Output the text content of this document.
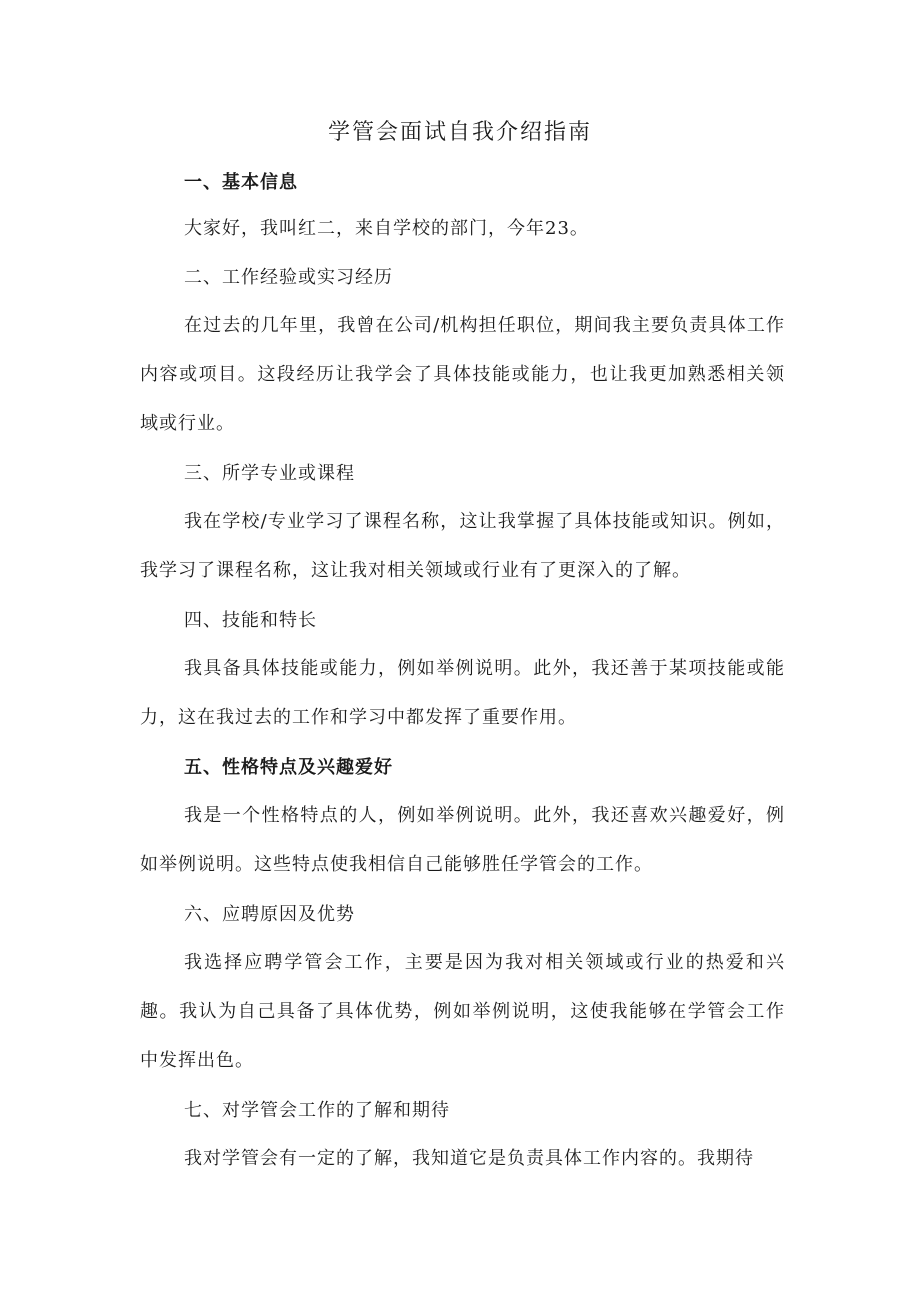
学管会面试自我介绍指南
一、基本信息
大家好，我叫红二，来自学校的部门，今年23。
二、工作经验或实习经历

在过去的几年里，我曾在公司/机构担任职位，期间我主要负责具体工作内容或项目。这段经历让我学会了具体技能或能力，也让我更加熟悉相关领域或行业。

三、所学专业或课程

我在学校/专业学习了课程名称，这让我掌握了具体技能或知识。例如，我学习了课程名称，这让我对相关领域或行业有了更深入的了解。

四、技能和特长

我具备具体技能或能力，例如举例说明。此外，我还善于某项技能或能力，这在我过去的工作和学习中都发挥了重要作用。

五、性格特点及兴趣爱好

我是一个性格特点的人，例如举例说明。此外，我还喜欢兴趣爱好，例如举例说明。这些特点使我相信自己能够胜任学管会的工作。

六、应聘原因及优势

我选择应聘学管会工作，主要是因为我对相关领域或行业的热爱和兴趣。我认为自己具备了具体优势，例如举例说明，这使我能够在学管会工作中发挥出色。

七、对学管会工作的了解和期待

我对学管会有一定的了解，我知道它是负责具体工作内容的。我期待
